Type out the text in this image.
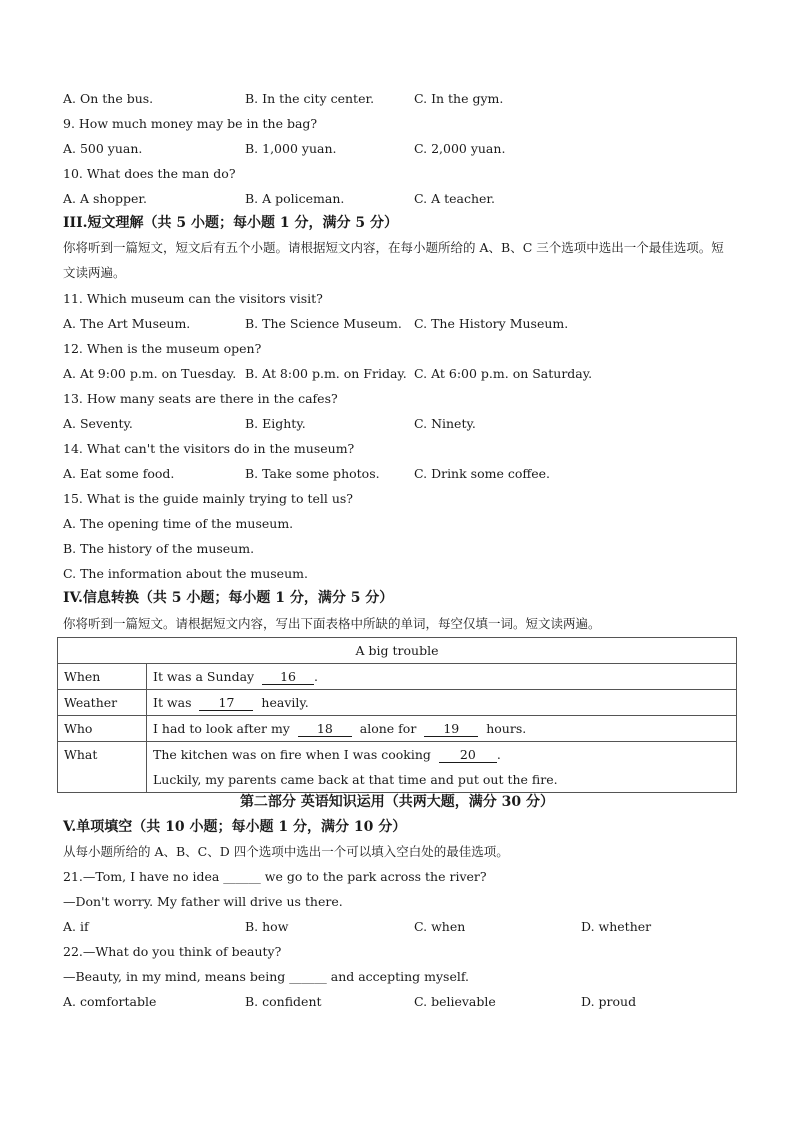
A. On the bus.	B. In the city center.	C. In the gym.
9. How much money may be in the bag?
A. 500 yuan.	B. 1,000 yuan.	C. 2,000 yuan.
10. What does the man do?
A. A shopper.	B. A policeman.	C. A teacher.
III.短文理解（共 5 小题；每小题 1 分，满分 5 分）
你将听到一篇短文，短文后有五个小题。请根据短文内容，在每小题所给的 A、B、C 三个选项中选出一个最佳选项。短文读两遍。
11. Which museum can the visitors visit?
A. The Art Museum.	B. The Science Museum. C. The History Museum.
12. When is the museum open?
A. At 9:00 p.m. on Tuesday. B. At 8:00 p.m. on Friday. C. At 6:00 p.m. on Saturday.
13. How many seats are there in the cafes?
A. Seventy.	B. Eighty.	C. Ninety.
14. What can't the visitors do in the museum?
A. Eat some food.	B. Take some photos.	C. Drink some coffee.
15. What is the guide mainly trying to tell us?
A. The opening time of the museum.
B. The history of the museum.
C. The information about the museum.
IV.信息转换（共 5 小题；每小题 1 分，满分 5 分）
你将听到一篇短文。请根据短文内容，写出下面表格中所缺的单词，每空仅填一词。短文读两遍。
A big trouble	
When	It was a Sunday 16 .
Weather	It was 17 heavily.
Who	I had to look after my 18 alone for 19 hours.
What	The kitchen was on fire when I was cooking 20 .
Luckily, my parents came back at that time and put out the fire.
第二部分 英语知识运用（共两大题，满分 30 分）
V.单项填空（共 10 小题；每小题 1 分，满分 10 分）
从每小题所给的 A、B、C、D 四个选项中选出一个可以填入空白处的最佳选项。
21.—Tom, I have no idea ______ we go to the park across the river?
—Don't worry. My father will drive us there.
A. if	B. how	C. when	D. whether
22.—What do you think of beauty?
—Beauty, in my mind, means being ______ and accepting myself.
A. comfortable	B. confident	C. believable	D. proud
